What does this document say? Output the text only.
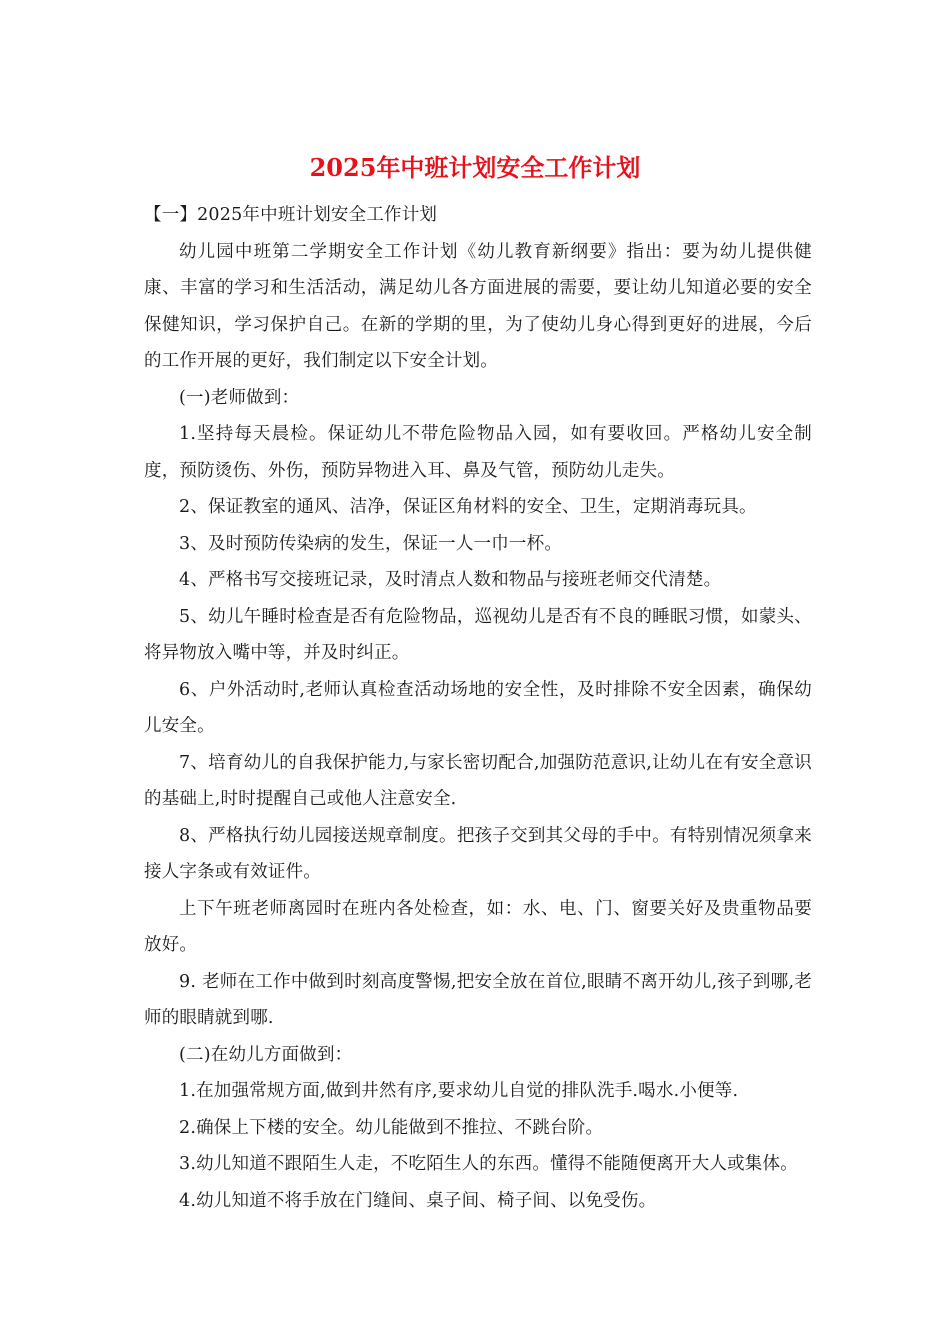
2025年中班计划安全工作计划

【一】2025年中班计划安全工作计划

幼儿园中班第二学期安全工作计划《幼儿教育新纲要》指出：要为幼儿提供健康、丰富的学习和生活活动，满足幼儿各方面进展的需要，要让幼儿知道必要的安全保健知识，学习保护自己。在新的学期的里，为了使幼儿身心得到更好的进展，今后的工作开展的更好，我们制定以下安全计划。

(一)老师做到：

1.坚持每天晨检。保证幼儿不带危险物品入园，如有要收回。严格幼儿安全制度，预防烫伤、外伤，预防异物进入耳、鼻及气管，预防幼儿走失。

2、保证教室的通风、洁净，保证区角材料的安全、卫生，定期消毒玩具。

3、及时预防传染病的发生，保证一人一巾一杯。

4、严格书写交接班记录，及时清点人数和物品与接班老师交代清楚。

5、幼儿午睡时检查是否有危险物品，巡视幼儿是否有不良的睡眠习惯，如蒙头、将异物放入嘴中等，并及时纠正。

6、户外活动时,老师认真检查活动场地的安全性，及时排除不安全因素，确保幼儿安全。

7、培育幼儿的自我保护能力,与家长密切配合,加强防范意识,让幼儿在有安全意识的基础上,时时提醒自己或他人注意安全.

8、严格执行幼儿园接送规章制度。把孩子交到其父母的手中。有特别情况须拿来接人字条或有效证件。

上下午班老师离园时在班内各处检查，如：水、电、门、窗要关好及贵重物品要放好。

9. 老师在工作中做到时刻高度警惕,把安全放在首位,眼睛不离开幼儿,孩子到哪,老师的眼睛就到哪.

(二)在幼儿方面做到：

1.在加强常规方面,做到井然有序,要求幼儿自觉的排队洗手.喝水.小便等.

2.确保上下楼的安全。幼儿能做到不推拉、不跳台阶。

3.幼儿知道不跟陌生人走，不吃陌生人的东西。懂得不能随便离开大人或集体。

4.幼儿知道不将手放在门缝间、桌子间、椅子间、以免受伤。
